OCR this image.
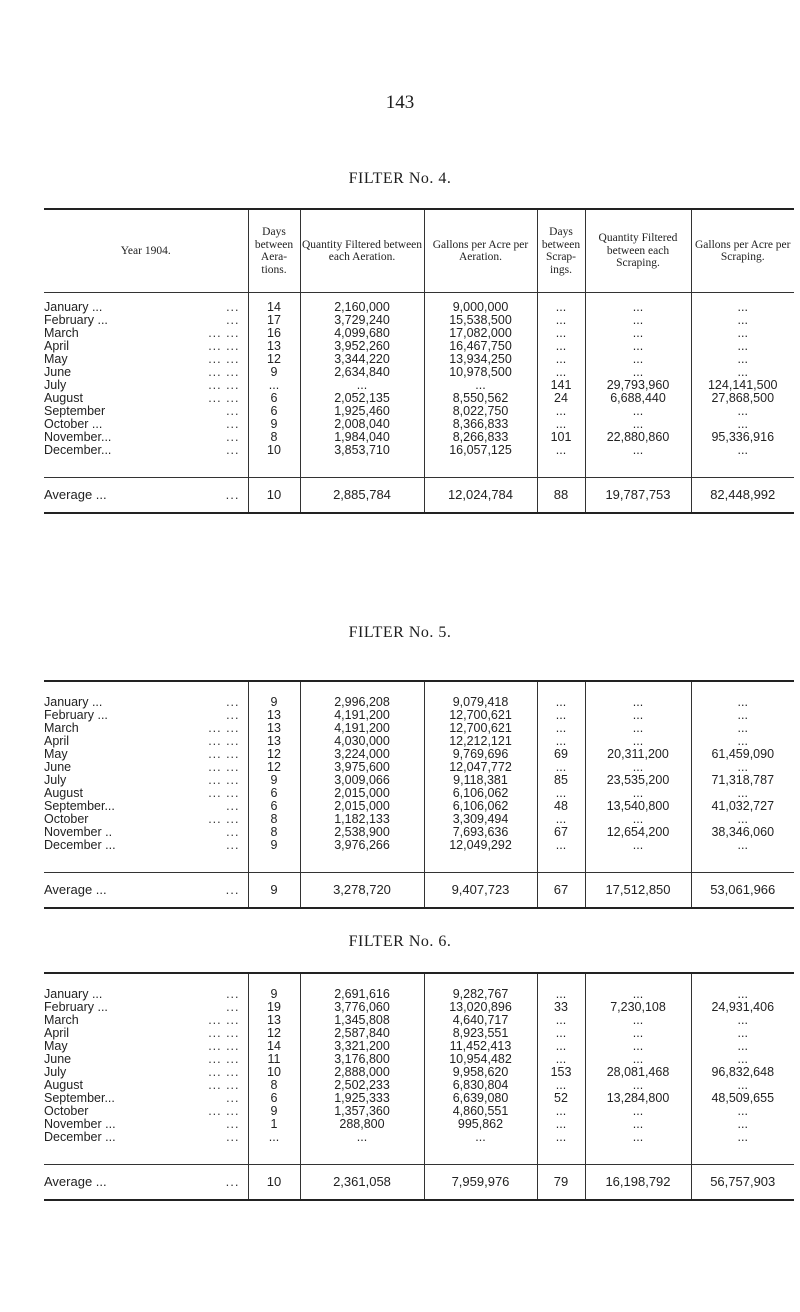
143
FILTER No. 4.
Year 1904.	Days between Aera- tions.	Quantity Filtered between each Aeration.	Gallons per Acre per Aeration.	Days between Scrap- ings.	Quantity Filtered between each Scraping.	Gallons per Acre per Scraping.

January ... ...	14	2,160,000	9,000,000	...	...	...
February ... ...	17	3,729,240	15,538,500	...	...	...
March ... ...	16	4,099,680	17,082,000	...	...	...
April ... ...	13	3,952,260	16,467,750	...	...	...
May ... ...	12	3,344,220	13,934,250	...	...	...
June ... ...	9	2,634,840	10,978,500	...	...	...
July ... ...	...	...	...	141	29,793,960	124,141,500
August ... ...	6	2,052,135	8,550,562	24	6,688,440	27,868,500
September ...	6	1,925,460	8,022,750	...	...	...
October ... ...	9	2,008,040	8,366,833	...	...	...
November... ...	8	1,984,040	8,266,833	101	22,880,860	95,336,916
December... ...	10	3,853,710	16,057,125	...	...	...

Average ... ...	10	2,885,784	12,024,784	88	19,787,753	82,448,992
FILTER No. 5.

January ... ...	9	2,996,208	9,079,418	...	...	...
February ... ...	13	4,191,200	12,700,621	...	...	...
March ... ...	13	4,191,200	12,700,621	...	...	...
April ... ...	13	4,030,000	12,212,121	...	...	...
May ... ...	12	3,224,000	9,769,696	69	20,311,200	61,459,090
June ... ...	12	3,975,600	12,047,772	...	...	...
July ... ...	9	3,009,066	9,118,381	85	23,535,200	71,318,787
August ... ...	6	2,015,000	6,106,062	...	...	...
September... ...	6	2,015,000	6,106,062	48	13,540,800	41,032,727
October ... ...	8	1,182,133	3,309,494	...	...	...
November .. ...	8	2,538,900	7,693,636	67	12,654,200	38,346,060
December ... ...	9	3,976,266	12,049,292	...	...	...

Average ... ...	9	3,278,720	9,407,723	67	17,512,850	53,061,966
FILTER No. 6.

January ... ...	9	2,691,616	9,282,767	...	...	...
February ... ...	19	3,776,060	13,020,896	33	7,230,108	24,931,406
March ... ...	13	1,345,808	4,640,717	...	...	...
April ... ...	12	2,587,840	8,923,551	...	...	...
May ... ...	14	3,321,200	11,452,413	...	...	...
June ... ...	11	3,176,800	10,954,482	...	...	...
July ... ...	10	2,888,000	9,958,620	153	28,081,468	96,832,648
August ... ...	8	2,502,233	6,830,804	...	...	...
September... ...	6	1,925,333	6,639,080	52	13,284,800	48,509,655
October ... ...	9	1,357,360	4,860,551	...	...	...
November ... ...	1	288,800	995,862	...	...	...
December ... ...	...	...	...	...	...	...

Average ... ...	10	2,361,058	7,959,976	79	16,198,792	56,757,903
